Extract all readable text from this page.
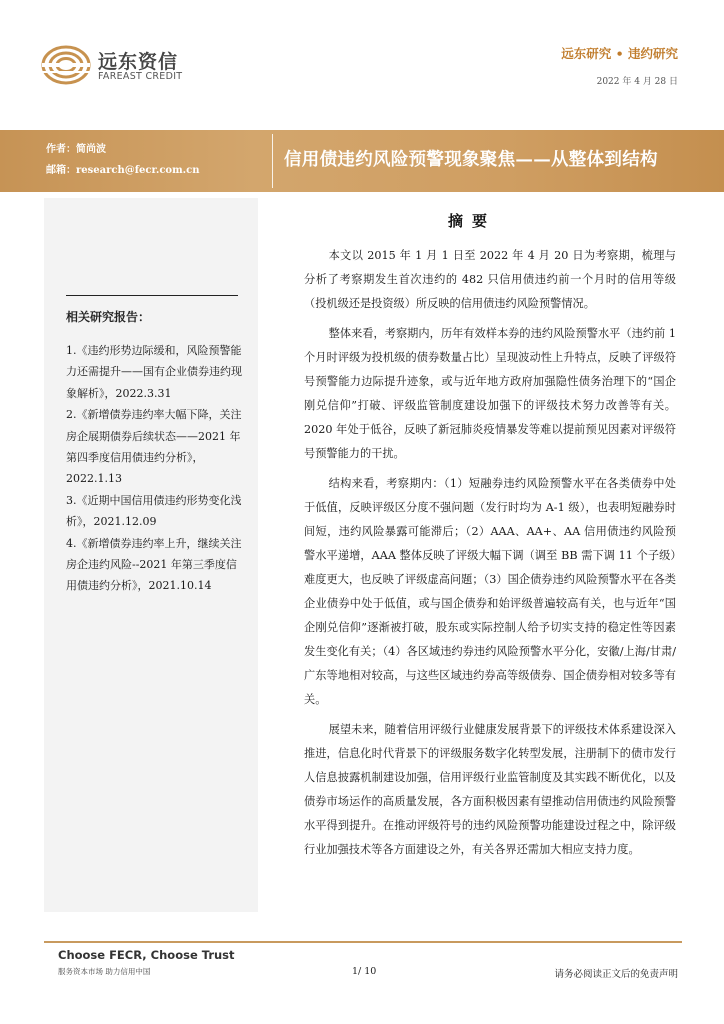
远东资信
FAREAST CREDIT
远东研究 • 违约研究
2022 年 4 月 28 日
作者：简尚波
邮箱：research@fecr.com.cn
信用债违约风险预警现象聚焦——从整体到结构
相关研究报告：

1.《违约形势边际缓和，风险预警能力还需提升——国有企业债券违约现象解析》，2022.3.31

2.《新增债券违约率大幅下降，关注房企展期债券后续状态——2021 年第四季度信用债违约分析》，2022.1.13

3.《近期中国信用债违约形势变化浅析》，2021.12.09

4.《新增债券违约率上升，继续关注房企违约风险--2021 年第三季度信用债违约分析》，2021.10.14

摘要

本文以 2015 年 1 月 1 日至 2022 年 4 月 20 日为考察期，梳理与分析了考察期发生首次违约的 482 只信用债违约前一个月时的信用等级（投机级还是投资级）所反映的信用债违约风险预警情况。

整体来看，考察期内，历年有效样本券的违约风险预警水平（违约前 1 个月时评级为投机级的债券数量占比）呈现波动性上升特点，反映了评级符号预警能力边际提升迹象，或与近年地方政府加强隐性债务治理下的“国企刚兑信仰”打破、评级监管制度建设加强下的评级技术努力改善等有关。2020 年处于低谷，反映了新冠肺炎疫情暴发等难以提前预见因素对评级符号预警能力的干扰。

结构来看，考察期内：（1）短融券违约风险预警水平在各类债券中处于低值，反映评级区分度不强问题（发行时均为 A-1 级），也表明短融券时间短，违约风险暴露可能滞后；（2）AAA、AA+、AA 信用债违约风险预警水平递增，AAA 整体反映了评级大幅下调（调至 BB 需下调 11 个子级）难度更大，也反映了评级虚高问题；（3）国企债券违约风险预警水平在各类企业债券中处于低值，或与国企债券和始评级普遍较高有关，也与近年“国企刚兑信仰”逐渐被打破，股东或实际控制人给予切实支持的稳定性等因素发生变化有关；（4）各区域违约券违约风险预警水平分化，安徽/上海/甘肃/广东等地相对较高，与这些区域违约券高等级债券、国企债券相对较多等有关。

展望未来，随着信用评级行业健康发展背景下的评级技术体系建设深入推进，信息化时代背景下的评级服务数字化转型发展，注册制下的债市发行人信息披露机制建设加强，信用评级行业监管制度及其实践不断优化，以及债券市场运作的高质量发展，各方面积极因素有望推动信用债违约风险预警水平得到提升。在推动评级符号的违约风险预警功能建设过程之中，除评级行业加强技术等各方面建设之外，有关各界还需加大相应支持力度。

Choose FECR, Choose Trust
服务资本市场 助力信用中国	1/ 10	请务必阅读正文后的免责声明
